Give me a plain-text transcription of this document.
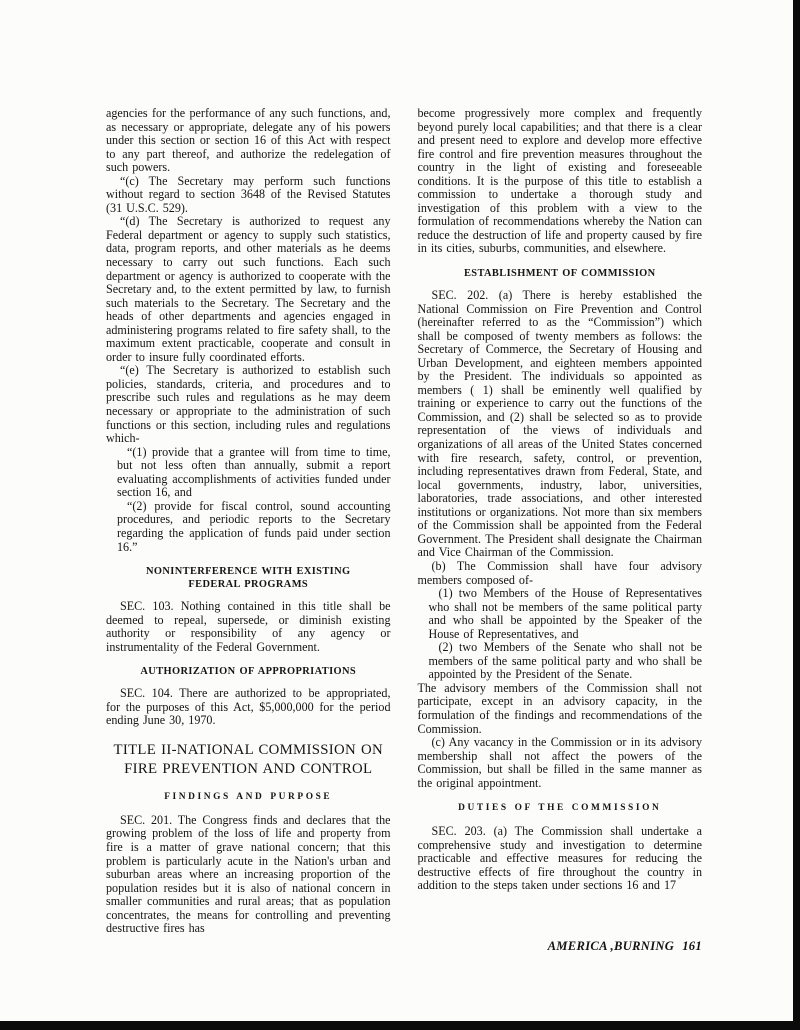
agencies for the performance of any such functions, and, as necessary or appropriate, delegate any of his powers under this section or section 16 of this Act with respect to any part thereof, and authorize the redelegation of such powers.

“(c) The Secretary may perform such functions without regard to section 3648 of the Revised Statutes (31 U.S.C. 529).

“(d) The Secretary is authorized to request any Federal department or agency to supply such statistics, data, program reports, and other materials as he deems necessary to carry out such functions. Each such department or agency is authorized to cooperate with the Secretary and, to the extent permitted by law, to furnish such materials to the Secretary. The Secretary and the heads of other departments and agencies engaged in administering programs related to fire safety shall, to the maximum extent practicable, cooperate and consult in order to insure fully coordinated efforts.

“(e) The Secretary is authorized to establish such policies, standards, criteria, and procedures and to prescribe such rules and regulations as he may deem necessary or appropriate to the administration of such functions or this section, including rules and regulations which-

“(1) provide that a grantee will from time to time, but not less often than annually, submit a report evaluating accomplishments of activities funded under section 16, and

“(2) provide for fiscal control, sound accounting procedures, and periodic reports to the Secretary regarding the application of funds paid under section 16.”

NONINTERFERENCE WITH EXISTING FEDERAL PROGRAMS

SEC. 103. Nothing contained in this title shall be deemed to repeal, supersede, or diminish existing authority or responsibility of any agency or instrumentality of the Federal Government.

AUTHORIZATION OF APPROPRIATIONS

SEC. 104. There are authorized to be appropriated, for the purposes of this Act, $5,000,000 for the period ending June 30, 1970.

TITLE II-NATIONAL COMMISSION ON FIRE PREVENTION AND CONTROL
FINDINGS AND PURPOSE

SEC. 201. The Congress finds and declares that the growing problem of the loss of life and property from fire is a matter of grave national concern; that this problem is particularly acute in the Nation's urban and suburban areas where an increasing proportion of the population resides but it is also of national concern in smaller communities and rural areas; that as population concentrates, the means for controlling and preventing destructive fires has

become progressively more complex and frequently beyond purely local capabilities; and that there is a clear and present need to explore and develop more effective fire control and fire prevention measures throughout the country in the light of existing and foreseeable conditions. It is the purpose of this title to establish a commission to undertake a thorough study and investigation of this problem with a view to the formulation of recommendations whereby the Nation can reduce the destruction of life and property caused by fire in its cities, suburbs, communities, and elsewhere.

ESTABLISHMENT OF COMMISSION

SEC. 202. (a) There is hereby established the National Commission on Fire Prevention and Control (hereinafter referred to as the “Commission”) which shall be composed of twenty members as follows: the Secretary of Commerce, the Secretary of Housing and Urban Development, and eighteen members appointed by the President. The individuals so appointed as members ( 1) shall be eminently well qualified by training or experience to carry out the functions of the Commission, and (2) shall be selected so as to provide representation of the views of individuals and organizations of all areas of the United States concerned with fire research, safety, control, or prevention, including representatives drawn from Federal, State, and local governments, industry, labor, universities, laboratories, trade associations, and other interested institutions or organizations. Not more than six members of the Commission shall be appointed from the Federal Government. The President shall designate the Chairman and Vice Chairman of the Commission.

(b) The Commission shall have four advisory members composed of-

(1) two Members of the House of Representatives who shall not be members of the same political party and who shall be appointed by the Speaker of the House of Representatives, and

(2) two Members of the Senate who shall not be members of the same political party and who shall be appointed by the President of the Senate.

The advisory members of the Commission shall not participate, except in an advisory capacity, in the formulation of the findings and recommendations of the Commission.

(c) Any vacancy in the Commission or in its advisory membership shall not affect the powers of the Commission, but shall be filled in the same manner as the original appointment.

DUTIES OF THE COMMISSION

SEC. 203. (a) The Commission shall undertake a comprehensive study and investigation to determine practicable and effective measures for reducing the destructive effects of fire throughout the country in addition to the steps taken under sections 16 and 17

AMERICA ,BURNING 161
